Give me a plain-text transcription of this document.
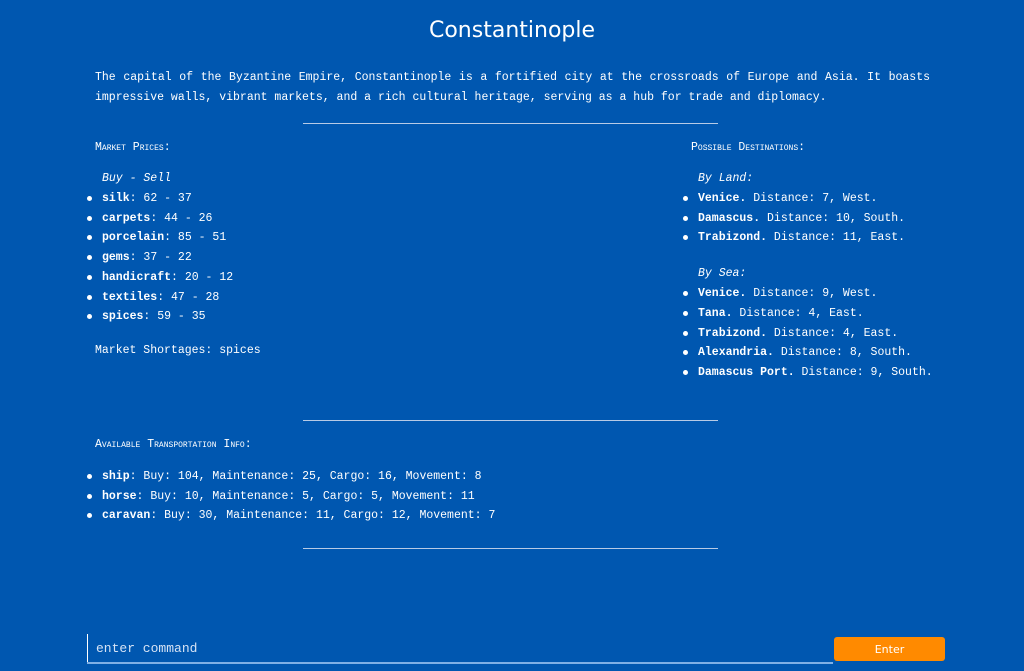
Constantinople
The capital of the Byzantine Empire, Constantinople is a fortified city at the crossroads of Europe and Asia. It boasts impressive walls, vibrant markets, and a rich cultural heritage, serving as a hub for trade and diplomacy.
Market Prices:
Buy - Sell
silk: 62 - 37
carpets: 44 - 26
porcelain: 85 - 51
gems: 37 - 22
handicraft: 20 - 12
textiles: 47 - 28
spices: 59 - 35
Market Shortages: spices
Possible Destinations:
By Land:
Venice. Distance: 7, West.
Damascus. Distance: 10, South.
Trabizond. Distance: 11, East.
By Sea:
Venice. Distance: 9, West.
Tana. Distance: 4, East.
Trabizond. Distance: 4, East.
Alexandria. Distance: 8, South.
Damascus Port. Distance: 9, South.
Available Transportation Info:
ship: Buy: 104, Maintenance: 25, Cargo: 16, Movement: 8
horse: Buy: 10, Maintenance: 5, Cargo: 5, Movement: 11
caravan: Buy: 30, Maintenance: 11, Cargo: 12, Movement: 7
enter command
Enter
